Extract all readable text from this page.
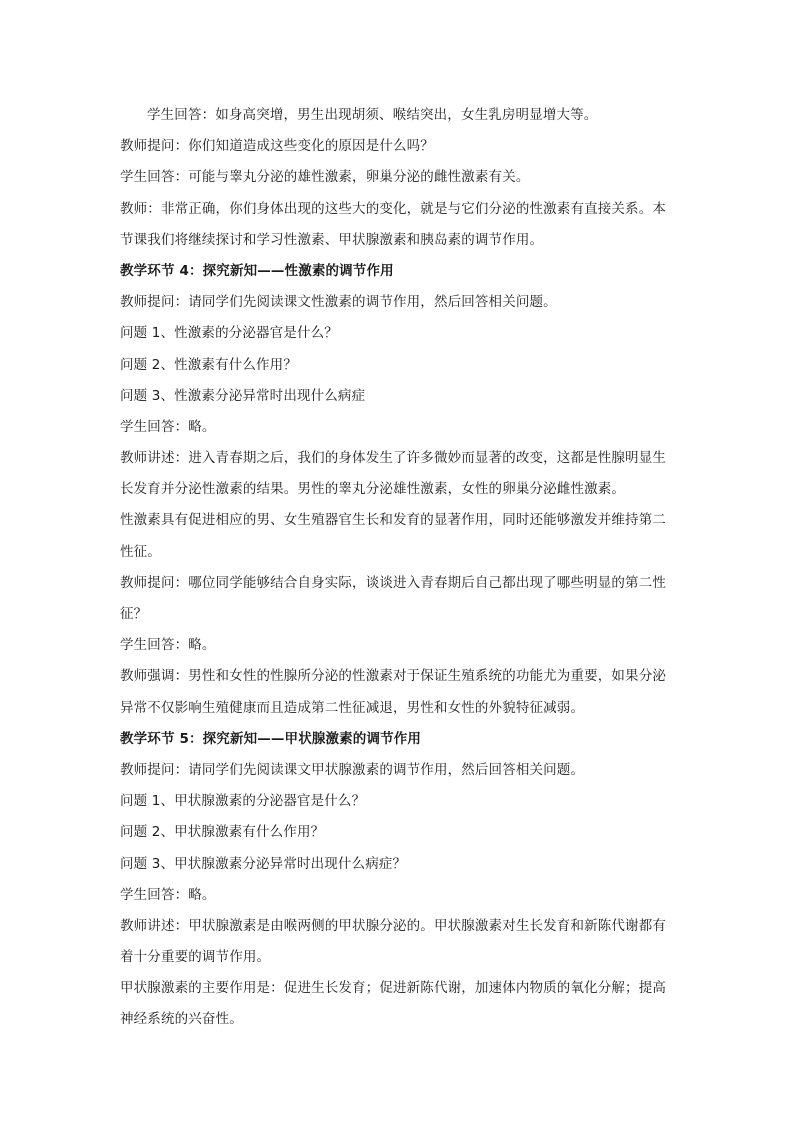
学生回答：如身高突增，男生出现胡须、喉结突出，女生乳房明显增大等。
教师提问：你们知道造成这些变化的原因是什么吗？
学生回答：可能与睾丸分泌的雄性激素，卵巢分泌的雌性激素有关。
教师：非常正确，你们身体出现的这些大的变化，就是与它们分泌的性激素有直接关系。本
节课我们将继续探讨和学习性激素、甲状腺激素和胰岛素的调节作用。
教学环节 4：探究新知——性激素的调节作用
教师提问：请同学们先阅读课文性激素的调节作用，然后回答相关问题。
问题 1、性激素的分泌器官是什么？
问题 2、性激素有什么作用？
问题 3、性激素分泌异常时出现什么病症
学生回答：略。
教师讲述：进入青春期之后，我们的身体发生了许多微妙而显著的改变，这都是性腺明显生
长发育并分泌性激素的结果。男性的睾丸分泌雄性激素，女性的卵巢分泌雌性激素。
性激素具有促进相应的男、女生殖器官生长和发育的显著作用，同时还能够激发并维持第二
性征。
教师提问：哪位同学能够结合自身实际，谈谈进入青春期后自己都出现了哪些明显的第二性
征？
学生回答：略。
教师强调：男性和女性的性腺所分泌的性激素对于保证生殖系统的功能尤为重要，如果分泌
异常不仅影响生殖健康而且造成第二性征减退，男性和女性的外貌特征减弱。
教学环节 5：探究新知——甲状腺激素的调节作用
教师提问：请同学们先阅读课文甲状腺激素的调节作用，然后回答相关问题。
问题 1、甲状腺激素的分泌器官是什么？
问题 2、甲状腺激素有什么作用？
问题 3、甲状腺激素分泌异常时出现什么病症？
学生回答：略。
教师讲述：甲状腺激素是由喉两侧的甲状腺分泌的。甲状腺激素对生长发育和新陈代谢都有
着十分重要的调节作用。
甲状腺激素的主要作用是：促进生长发育；促进新陈代谢，加速体内物质的氧化分解；提高
神经系统的兴奋性。
